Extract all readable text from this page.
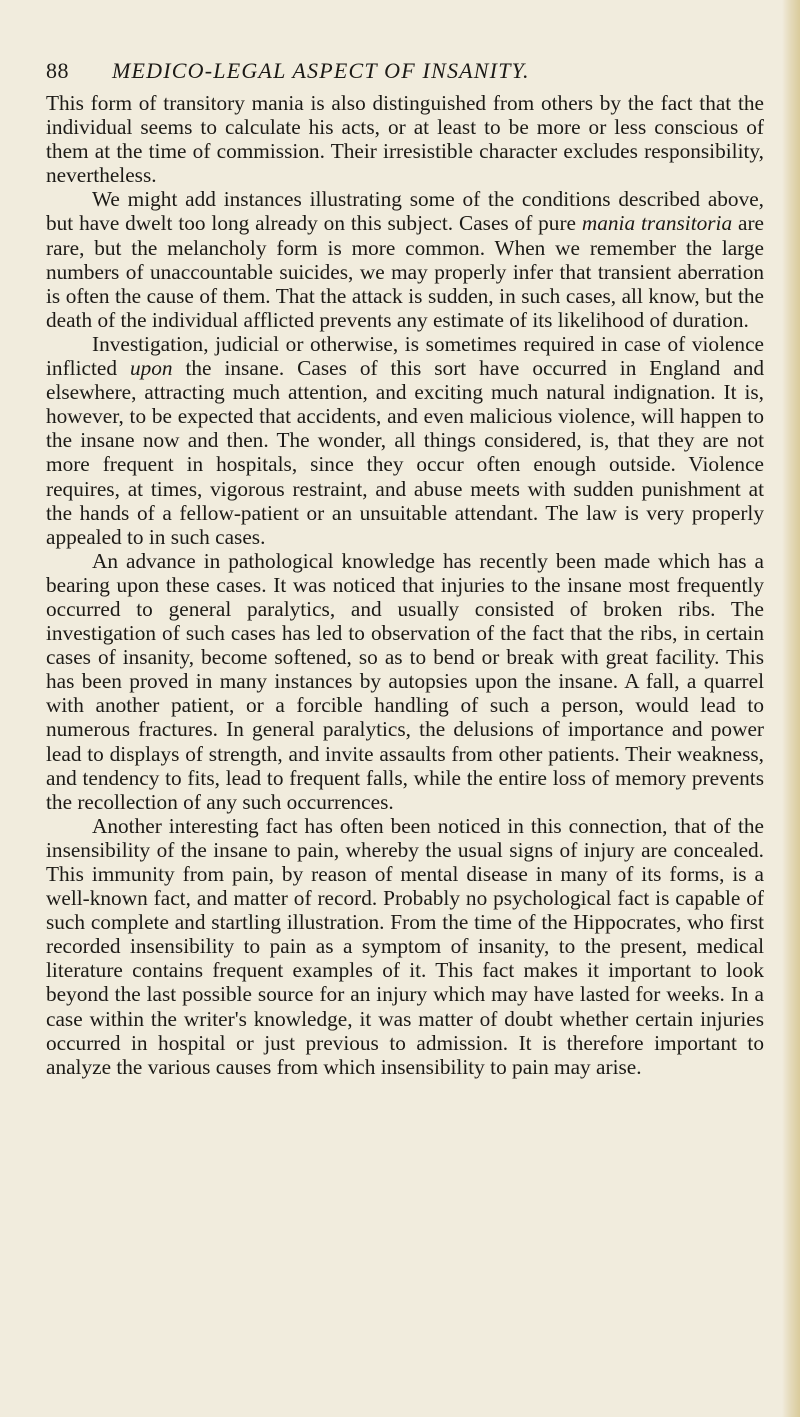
88 MEDICO-LEGAL ASPECT OF INSANITY.

This form of transitory mania is also distinguished from others by the fact that the individual seems to calculate his acts, or at least to be more or less conscious of them at the time of commission. Their irresistible character excludes responsibility, nevertheless.

We might add instances illustrating some of the conditions described above, but have dwelt too long already on this subject. Cases of pure mania transitoria are rare, but the melancholy form is more common. When we remember the large numbers of unaccountable suicides, we may properly infer that transient aberration is often the cause of them. That the attack is sudden, in such cases, all know, but the death of the individual afflicted prevents any estimate of its likelihood of duration.

Investigation, judicial or otherwise, is sometimes required in case of violence inflicted upon the insane. Cases of this sort have occurred in England and elsewhere, attracting much attention, and exciting much natural indignation. It is, however, to be expected that accidents, and even malicious violence, will happen to the insane now and then. The wonder, all things considered, is, that they are not more frequent in hospitals, since they occur often enough outside. Violence requires, at times, vigorous restraint, and abuse meets with sudden punishment at the hands of a fellow-patient or an unsuitable attendant. The law is very properly appealed to in such cases.

An advance in pathological knowledge has recently been made which has a bearing upon these cases. It was noticed that injuries to the insane most frequently occurred to general paralytics, and usually consisted of broken ribs. The investigation of such cases has led to observation of the fact that the ribs, in certain cases of insanity, become softened, so as to bend or break with great facility. This has been proved in many instances by autopsies upon the insane. A fall, a quarrel with another patient, or a forcible handling of such a person, would lead to numerous fractures. In general paralytics, the delusions of importance and power lead to displays of strength, and invite assaults from other patients. Their weakness, and tendency to fits, lead to frequent falls, while the entire loss of memory prevents the recollection of any such occurrences.

Another interesting fact has often been noticed in this connection, that of the insensibility of the insane to pain, whereby the usual signs of injury are concealed. This immunity from pain, by reason of mental disease in many of its forms, is a well-known fact, and matter of record. Probably no psychological fact is capable of such complete and startling illustration. From the time of the Hippocrates, who first recorded insensibility to pain as a symptom of insanity, to the present, medical literature contains frequent examples of it. This fact makes it important to look beyond the last possible source for an injury which may have lasted for weeks. In a case within the writer's knowledge, it was matter of doubt whether certain injuries occurred in hospital or just previous to admission. It is therefore important to analyze the various causes from which insensibility to pain may arise.
